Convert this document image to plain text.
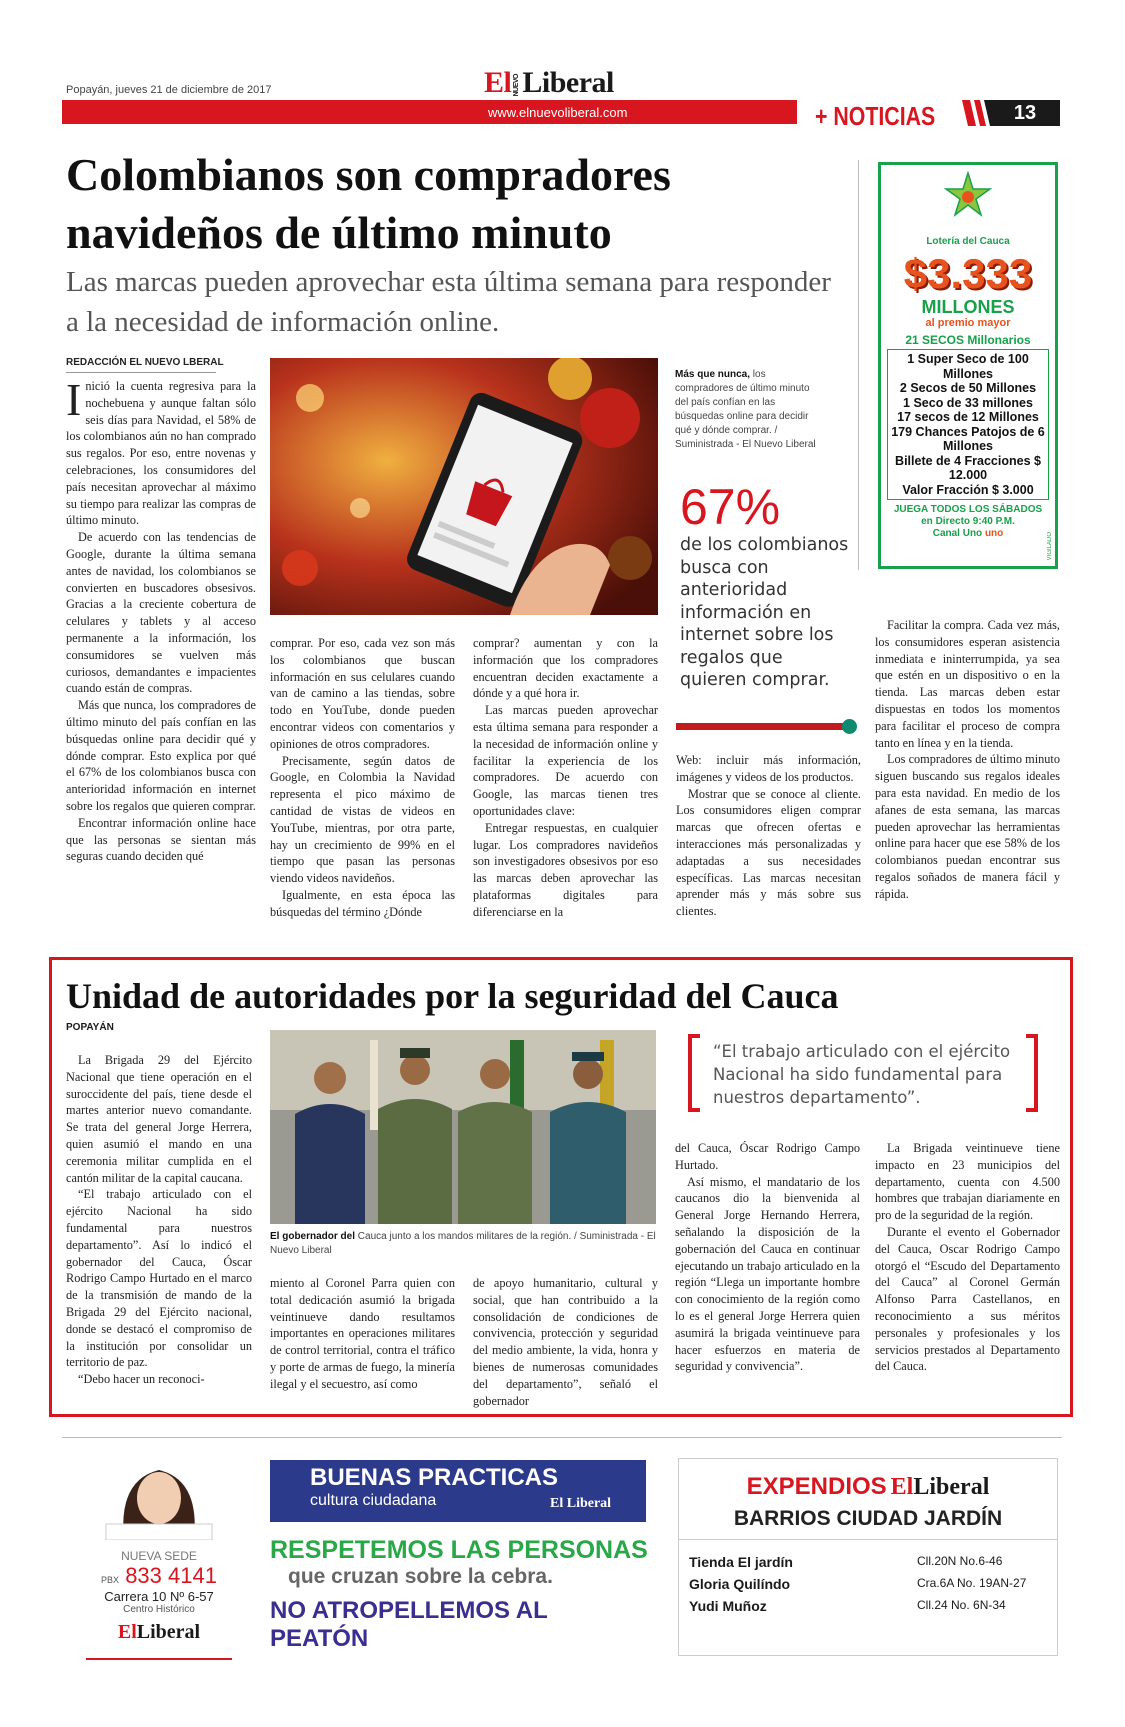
Popayán, jueves 21 de diciembre de 2017	El NUEVOLiberal
www.elnuevoliberal.com	+ NOTICIAS	13
Colombianos son compradores navideños de último minuto
Las marcas pueden aprovechar esta última semana para responder a la necesidad de información online.
Lotería del Cauca
$3.333
MILLONES
al premio mayor
21 SECOS Millonarios
1 Super Seco de 100 Millones
2 Secos de 50 Millones
1 Seco de 33 millones
17 secos de 12 Millones
179 Chances Patojos de 6 Millones
Billete de 4 Fracciones $ 12.000
Valor Fracción $ 3.000
JUEGA TODOS LOS SÁBADOS
en Directo 9:40 P.M.
Canal Uno uno	VIGILADO
REDACCIÓN EL NUEVO LBERAL

Inició la cuenta regresiva para la nochebuena y aunque faltan sólo seis días para Navidad, el 58% de los colombianos aún no han comprado sus regalos. Por eso, entre novenas y celebraciones, los consumidores del país necesitan aprovechar al máximo su tiempo para realizar las compras de último minuto.

De acuerdo con las tendencias de Google, durante la última semana antes de navidad, los colombianos se convierten en buscadores obsesivos. Gracias a la creciente cobertura de celulares y tablets y al acceso permanente a la información, los consumidores se vuelven más curiosos, demandantes e impacientes cuando están de compras.

Más que nunca, los compradores de último minuto del país confían en las búsquedas online para decidir qué y dónde comprar. Esto explica por qué el 67% de los colombianos busca con anterioridad información en internet sobre los regalos que quieren comprar.

Encontrar información online hace que las personas se sientan más seguras cuando deciden qué

comprar. Por eso, cada vez son más los colombianos que buscan información en sus celulares cuando van de camino a las tiendas, sobre todo en YouTube, donde pueden encontrar videos con comentarios y opiniones de otros compradores.

Precisamente, según datos de Google, en Colombia la Navidad representa el pico máximo de cantidad de vistas de videos en YouTube, mientras, por otra parte, hay un crecimiento de 99% en el tiempo que pasan las personas viendo videos navideños.

Igualmente, en esta época las búsquedas del término ¿Dónde

comprar? aumentan y con la información que los compradores encuentran deciden exactamente a dónde y a qué hora ir.

Las marcas pueden aprovechar esta última semana para responder a la necesidad de información online y facilitar la experiencia de los compradores. De acuerdo con Google, las marcas tienen tres oportunidades clave:

Entregar respuestas, en cualquier lugar. Los compradores navideños son investigadores obsesivos por eso las marcas deben aprovechar las plataformas digitales para diferenciarse en la

Más que nunca, los compradores de último minuto del país confían en las búsquedas online para decidir qué y dónde comprar. / Suministrada - El Nuevo Liberal
67%
de los colombianos busca con anterioridad información en internet sobre los regalos que quieren comprar.

Web: incluir más información, imágenes y videos de los productos.

Mostrar que se conoce al cliente. Los consumidores eligen comprar marcas que ofrecen ofertas e interacciones más personalizadas y adaptadas a sus necesidades específicas. Las marcas necesitan aprender más y más sobre sus clientes.

Facilitar la compra. Cada vez más, los consumidores esperan asistencia inmediata e ininterrumpida, ya sea que estén en un dispositivo o en la tienda. Las marcas deben estar dispuestas en todos los momentos para facilitar el proceso de compra tanto en línea y en la tienda.

Los compradores de último minuto siguen buscando sus regalos ideales para esta navidad. En medio de los afanes de esta semana, las marcas pueden aprovechar las herramientas online para hacer que ese 58% de los colombianos puedan encontrar sus regalos soñados de manera fácil y rápida.

Unidad de autoridades por la seguridad del Cauca
POPAYÁN

La Brigada 29 del Ejército Nacional que tiene operación en el suroccidente del país, tiene desde el martes anterior nuevo comandante. Se trata del general Jorge Herrera, quien asumió el mando en una ceremonia militar cumplida en el cantón militar de la capital caucana.

“El trabajo articulado con el ejército Nacional ha sido fundamental para nuestros departamento”. Así lo indicó el gobernador del Cauca, Óscar Rodrigo Campo Hurtado en el marco de la transmisión de mando de la Brigada 29 del Ejército nacional, donde se destacó el compromiso de la institución por consolidar un territorio de paz.

“Debo hacer un reconoci-

El gobernador del Cauca junto a los mandos militares de la región. / Suministrada - El Nuevo Liberal
“El trabajo articulado con el ejército Nacional ha sido fundamental para nuestros departamento”.

miento al Coronel Parra quien con total dedicación asumió la brigada veintinueve dando resultamos importantes en operaciones militares de control territorial, contra el tráfico y porte de armas de fuego, la minería ilegal y el secuestro, así como

de apoyo humanitario, cultural y social, que han contribuido a la consolidación de condiciones de convivencia, protección y seguridad del medio ambiente, la vida, honra y bienes de numerosas comunidades del departamento”, señaló el gobernador

del Cauca, Óscar Rodrigo Campo Hurtado.

Así mismo, el mandatario de los caucanos dio la bienvenida al General Jorge Hernando Herrera, señalando la disposición de la gobernación del Cauca en continuar ejecutando un trabajo articulado en la región “Llega un importante hombre con conocimiento de la región como lo es el general Jorge Herrera quien asumirá la brigada veintinueve para hacer esfuerzos en materia de seguridad y convivencia”.

La Brigada veintinueve tiene impacto en 23 municipios del departamento, cuenta con 4.500 hombres que trabajan diariamente en pro de la seguridad de la región.

Durante el evento el Gobernador del Cauca, Oscar Rodrigo Campo otorgó el “Escudo del Departamento del Cauca” al Coronel Germán Alfonso Parra Castellanos, en reconocimiento a sus méritos personales y profesionales y los servicios prestados al Departamento del Cauca.

NUEVA SEDE
PBX 833 4141
Carrera 10 Nº 6-57
Centro Histórico
ElLiberal
BUENAS PRACTICAS
cultura ciudadana	El Liberal
RESPETEMOS LAS PERSONAS
que cruzan sobre la cebra.
NO ATROPELLEMOS AL PEATÓN
EXPENDIOS ElLiberal
BARRIOS CIUDAD JARDÍN
Tienda El jardín	Cll.20N No.6-46
Gloria Quilíndo	Cra.6A No. 19AN-27
Yudi Muñoz	Cll.24 No. 6N-34
